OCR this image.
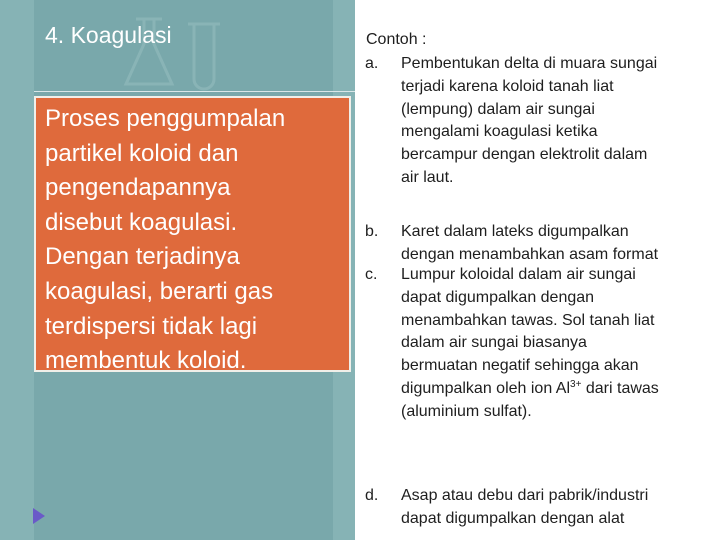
4. Koagulasi
Proses penggumpalan
partikel koloid dan
pengendapannya
disebut koagulasi.
Dengan terjadinya
koagulasi, berarti gas
terdispersi tidak lagi
membentuk koloid.
Contoh :
a. Pembentukan delta di muara sungai
terjadi karena koloid tanah liat
(lempung) dalam air sungai
mengalami koagulasi ketika
bercampur dengan elektrolit dalam
air laut.
b. Karet dalam lateks digumpalkan
dengan menambahkan asam format
c. Lumpur koloidal dalam air sungai
dapat digumpalkan dengan
menambahkan tawas. Sol tanah liat
dalam air sungai biasanya
bermuatan negatif sehingga akan
digumpalkan oleh ion $Al^{3+}$ dari tawas
(aluminium sulfat).
d. Asap atau debu dari pabrik/industri
dapat digumpalkan dengan alat
